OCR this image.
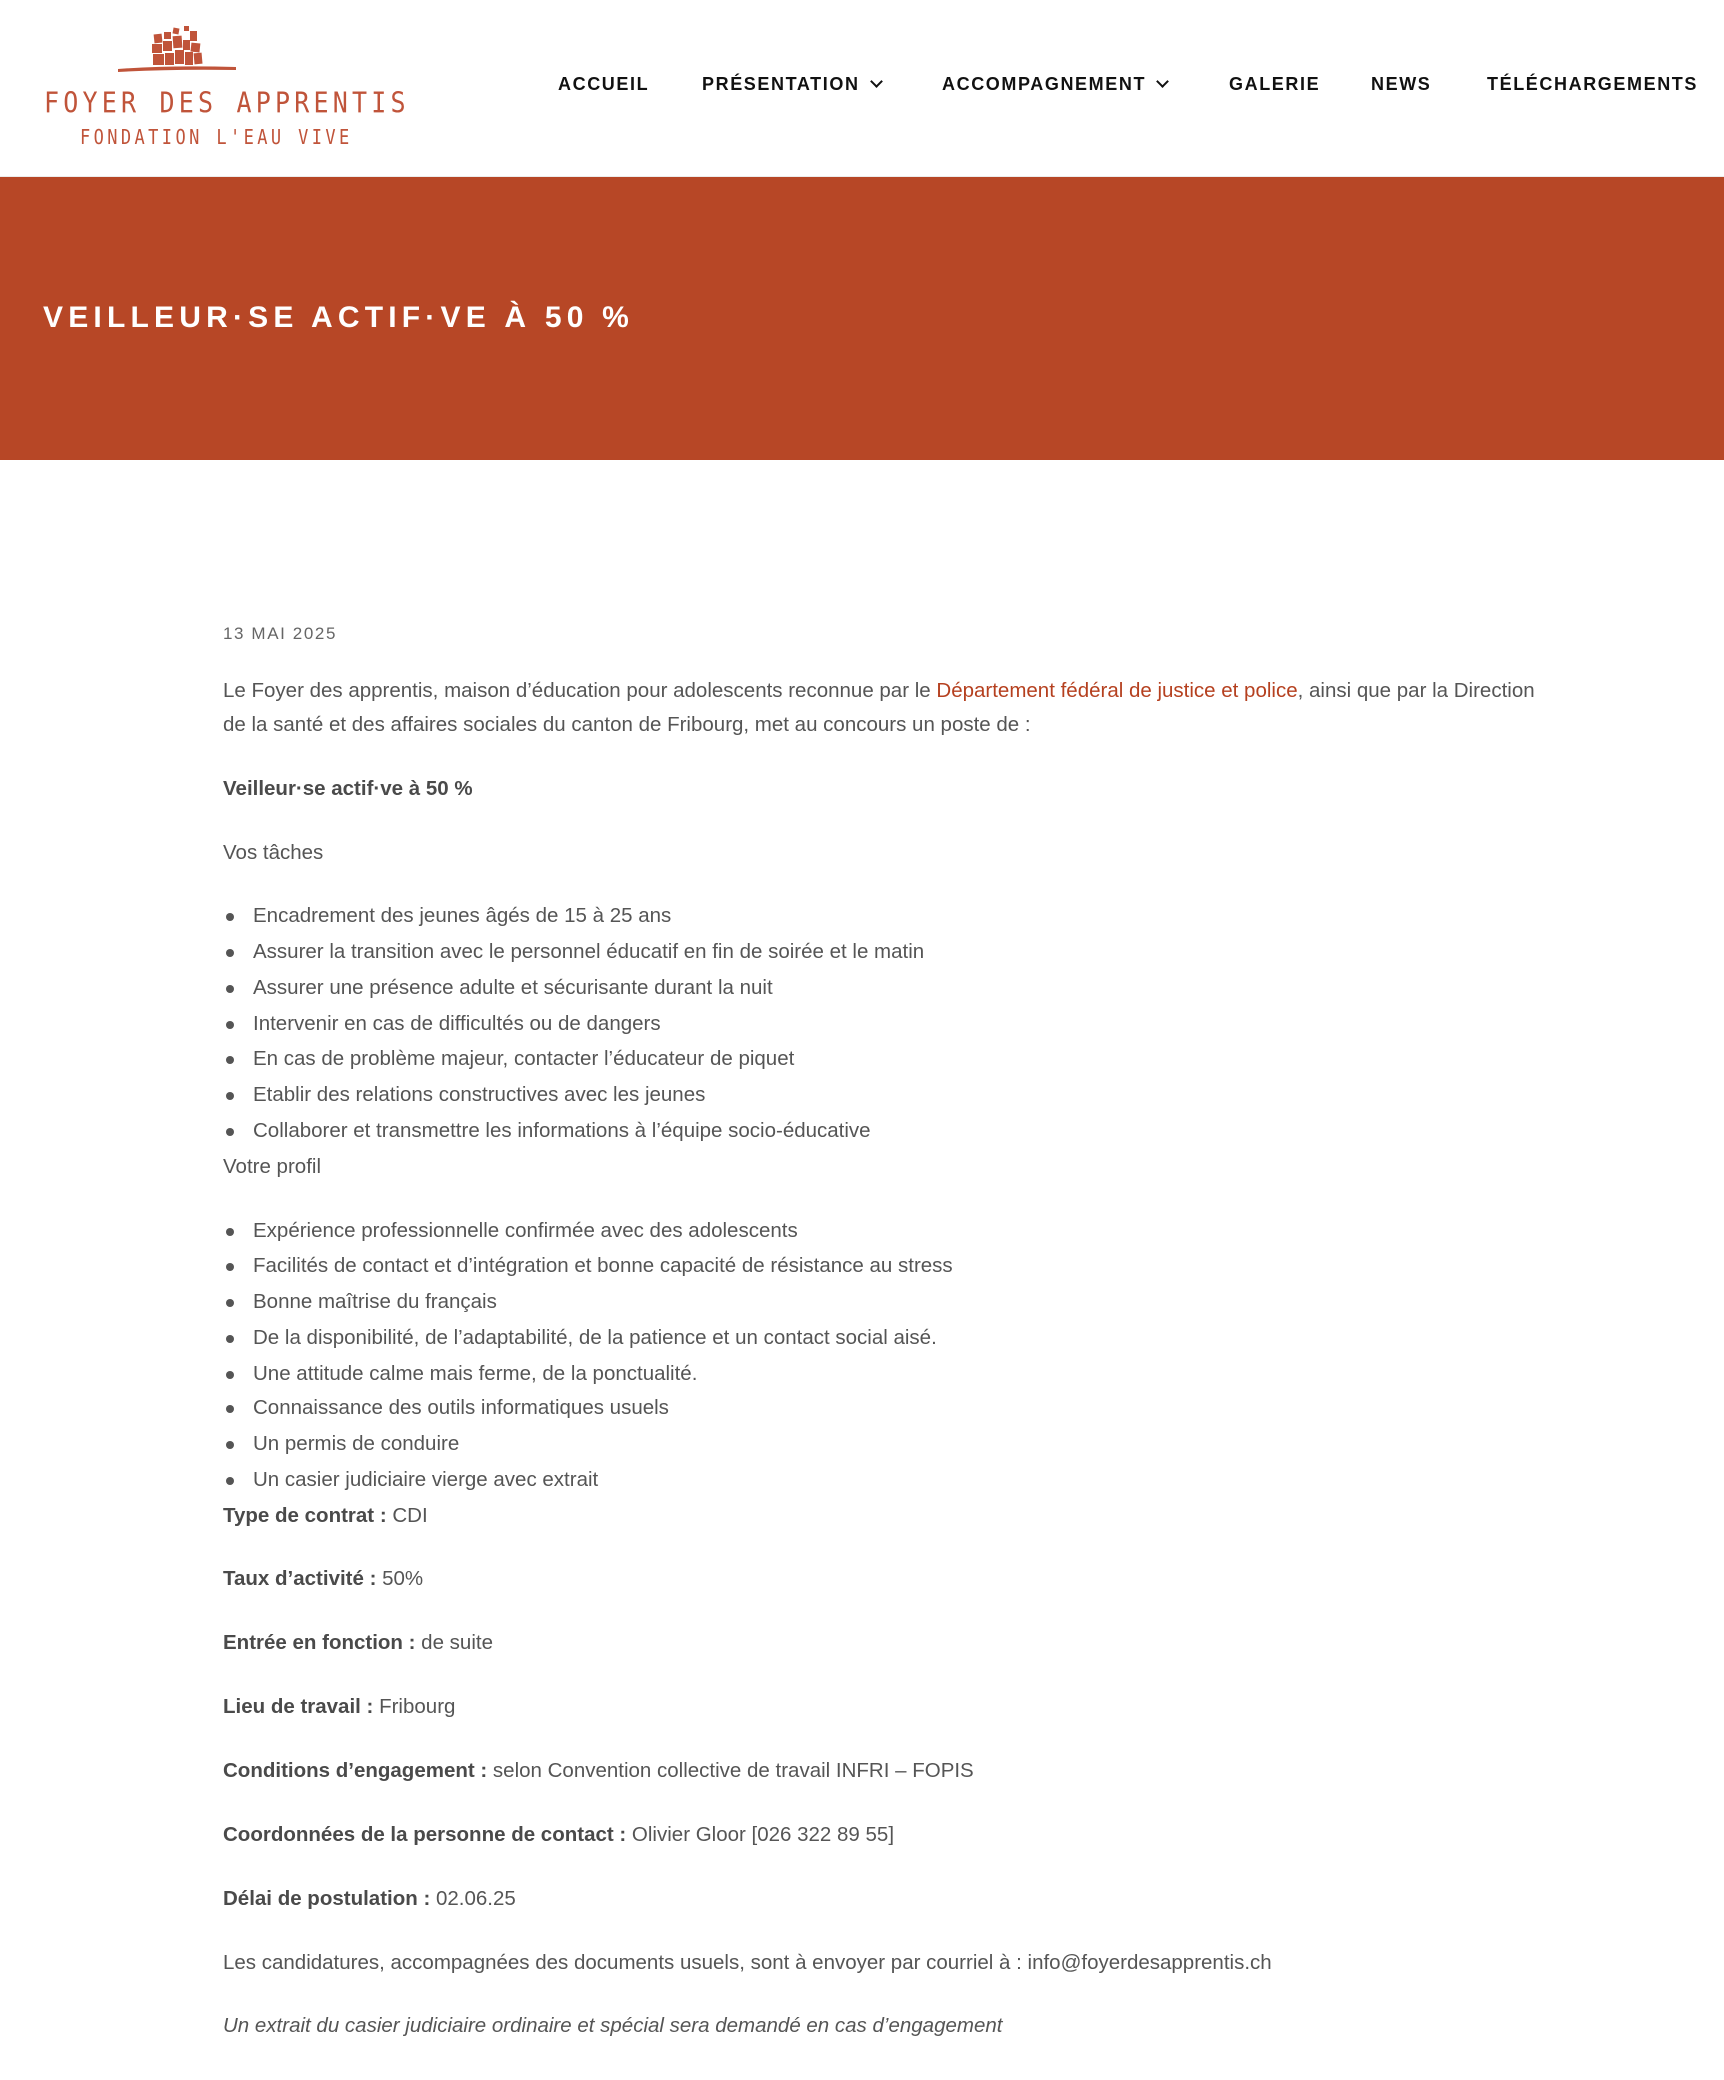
FOYER DES APPRENTIS
FONDATION L'EAU VIVE
ACCUEIL	PRÉSENTATION	ACCOMPAGNEMENT	GALERIE	NEWS	TÉLÉCHARGEMENTS
VEILLEUR·SE ACTIF·VE À 50 %
13 MAI 2025
Le Foyer des apprentis, maison d’éducation pour adolescents reconnue par le Département fédéral de justice et police, ainsi que par la Direction
de la santé et des affaires sociales du canton de Fribourg, met au concours un poste de :
Veilleur·se actif·ve à 50 %
Vos tâches
Encadrement des jeunes âgés de 15 à 25 ans
Assurer la transition avec le personnel éducatif en fin de soirée et le matin
Assurer une présence adulte et sécurisante durant la nuit
Intervenir en cas de difficultés ou de dangers
En cas de problème majeur, contacter l’éducateur de piquet
Etablir des relations constructives avec les jeunes
Collaborer et transmettre les informations à l’équipe socio-éducative
Votre profil
Expérience professionnelle confirmée avec des adolescents
Facilités de contact et d’intégration et bonne capacité de résistance au stress
Bonne maîtrise du français
De la disponibilité, de l’adaptabilité, de la patience et un contact social aisé.
Une attitude calme mais ferme, de la ponctualité.
Connaissance des outils informatiques usuels
Un permis de conduire
Un casier judiciaire vierge avec extrait
Type de contrat : CDI
Taux d’activité : 50%
Entrée en fonction : de suite
Lieu de travail : Fribourg
Conditions d’engagement : selon Convention collective de travail INFRI – FOPIS
Coordonnées de la personne de contact : Olivier Gloor [026 322 89 55]
Délai de postulation : 02.06.25
Les candidatures, accompagnées des documents usuels, sont à envoyer par courriel à : info@foyerdesapprentis.ch
Un extrait du casier judiciaire ordinaire et spécial sera demandé en cas d’engagement
